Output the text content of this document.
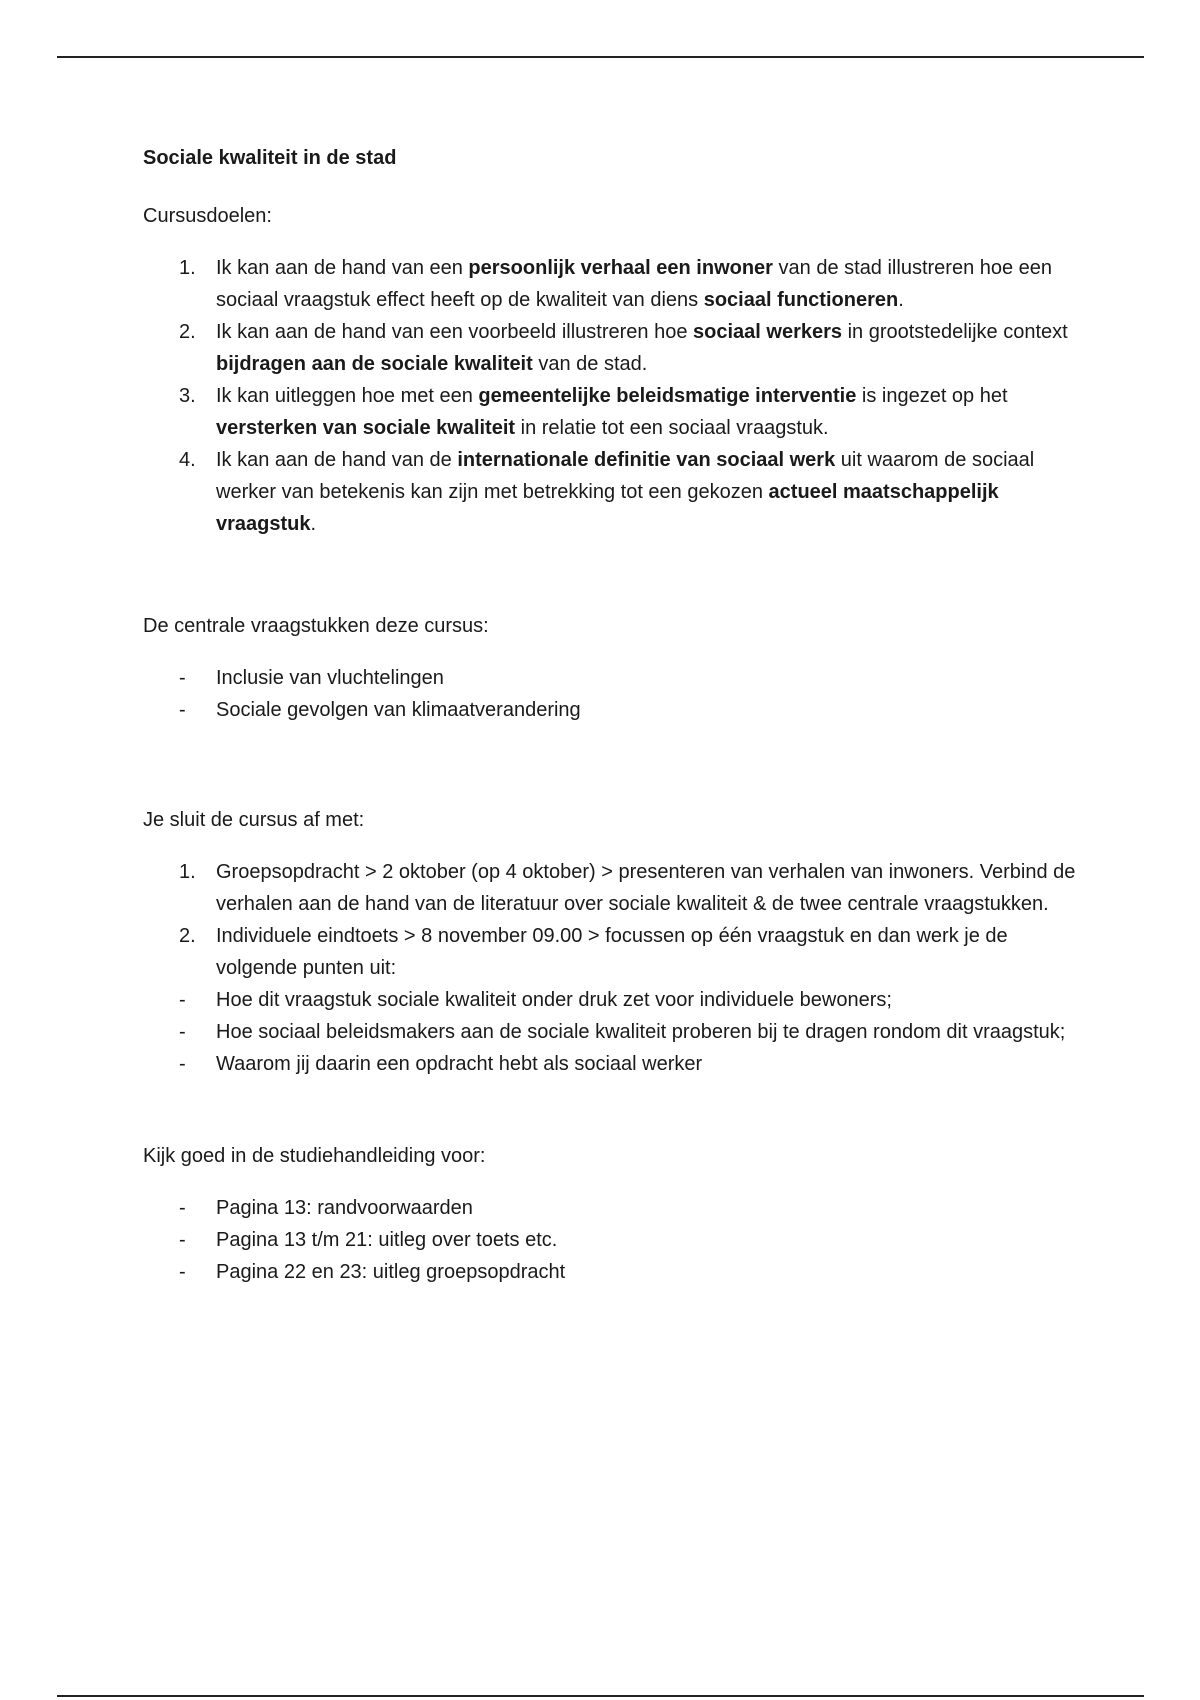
Sociale kwaliteit in de stad
Cursusdoelen:
1. Ik kan aan de hand van een persoonlijk verhaal een inwoner van de stad illustreren hoe een sociaal vraagstuk effect heeft op de kwaliteit van diens sociaal functioneren.
2. Ik kan aan de hand van een voorbeeld illustreren hoe sociaal werkers in grootstedelijke context bijdragen aan de sociale kwaliteit van de stad.
3. Ik kan uitleggen hoe met een gemeentelijke beleidsmatige interventie is ingezet op het versterken van sociale kwaliteit in relatie tot een sociaal vraagstuk.
4. Ik kan aan de hand van de internationale definitie van sociaal werk uit waarom de sociaal werker van betekenis kan zijn met betrekking tot een gekozen actueel maatschappelijk vraagstuk.
De centrale vraagstukken deze cursus:
- Inclusie van vluchtelingen
- Sociale gevolgen van klimaatverandering
Je sluit de cursus af met:
1. Groepsopdracht > 2 oktober (op 4 oktober) > presenteren van verhalen van inwoners. Verbind de verhalen aan de hand van de literatuur over sociale kwaliteit & de twee centrale vraagstukken.
2. Individuele eindtoets > 8 november 09.00 > focussen op één vraagstuk en dan werk je de volgende punten uit:
- Hoe dit vraagstuk sociale kwaliteit onder druk zet voor individuele bewoners;
- Hoe sociaal beleidsmakers aan de sociale kwaliteit proberen bij te dragen rondom dit vraagstuk;
- Waarom jij daarin een opdracht hebt als sociaal werker
Kijk goed in de studiehandleiding voor:
- Pagina 13: randvoorwaarden
- Pagina 13 t/m 21: uitleg over toets etc.
- Pagina 22 en 23: uitleg groepsopdracht
